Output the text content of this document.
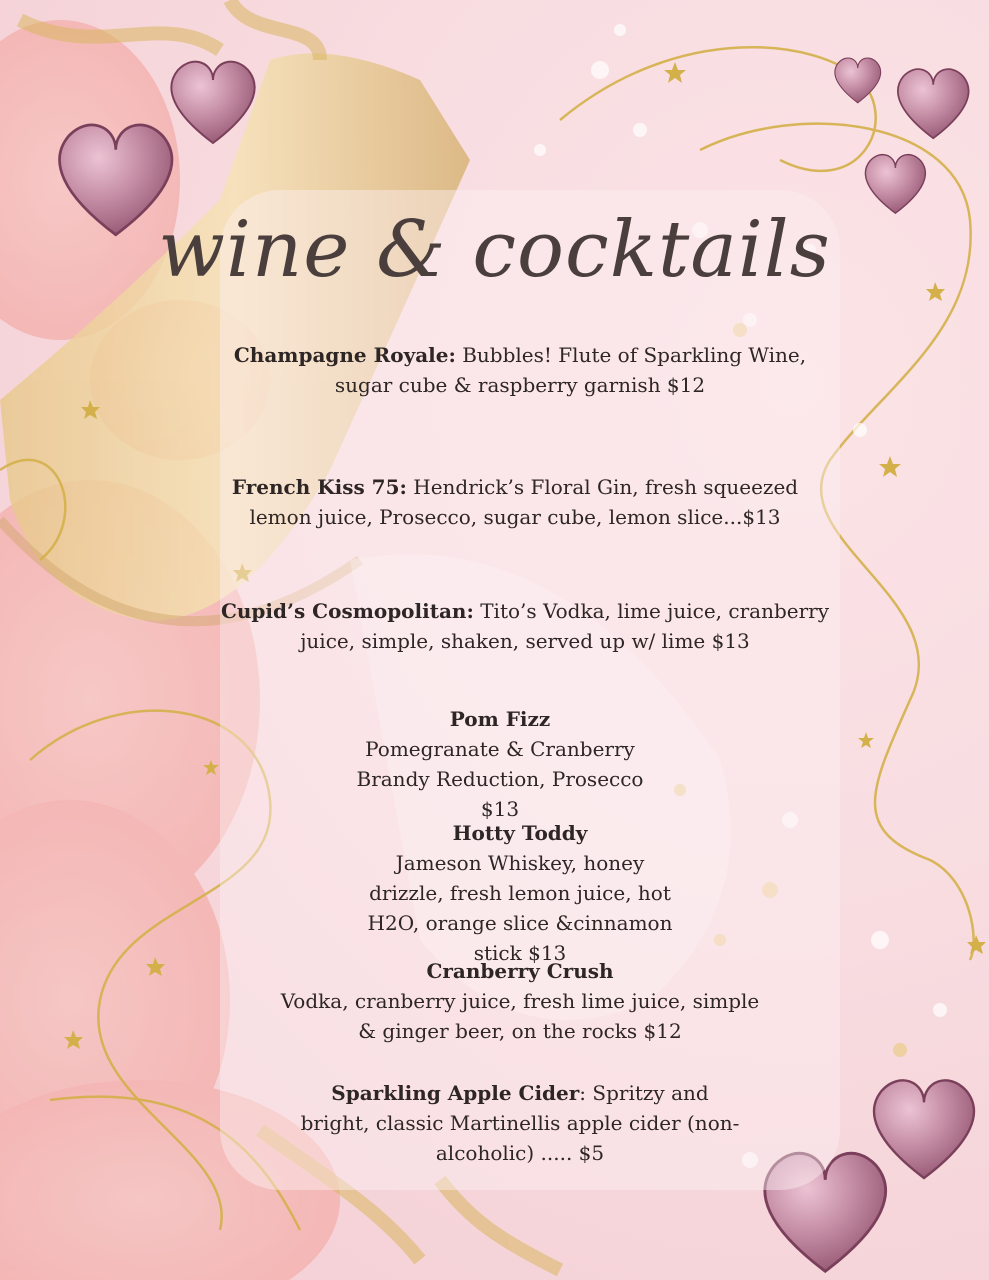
wine & cocktails
Champagne Royale: Bubbles! Flute of Sparkling Wine, sugar cube & raspberry garnish $12
French Kiss 75: Hendrick’s Floral Gin, fresh squeezed lemon juice, Prosecco, sugar cube, lemon slice...$13
Cupid’s Cosmopolitan: Tito’s Vodka, lime juice, cranberry juice, simple, shaken, served up w/ lime $13
Pom Fizz
Pomegranate & Cranberry Brandy Reduction, Prosecco $13
Hotty Toddy
Jameson Whiskey, honey drizzle, fresh lemon juice, hot H2O, orange slice &cinnamon stick $13
Cranberry Crush
Vodka, cranberry juice, fresh lime juice, simple & ginger beer, on the rocks $12
Sparkling Apple Cider: Spritzy and bright, classic Martinellis apple cider (non-alcoholic) ..... $5
